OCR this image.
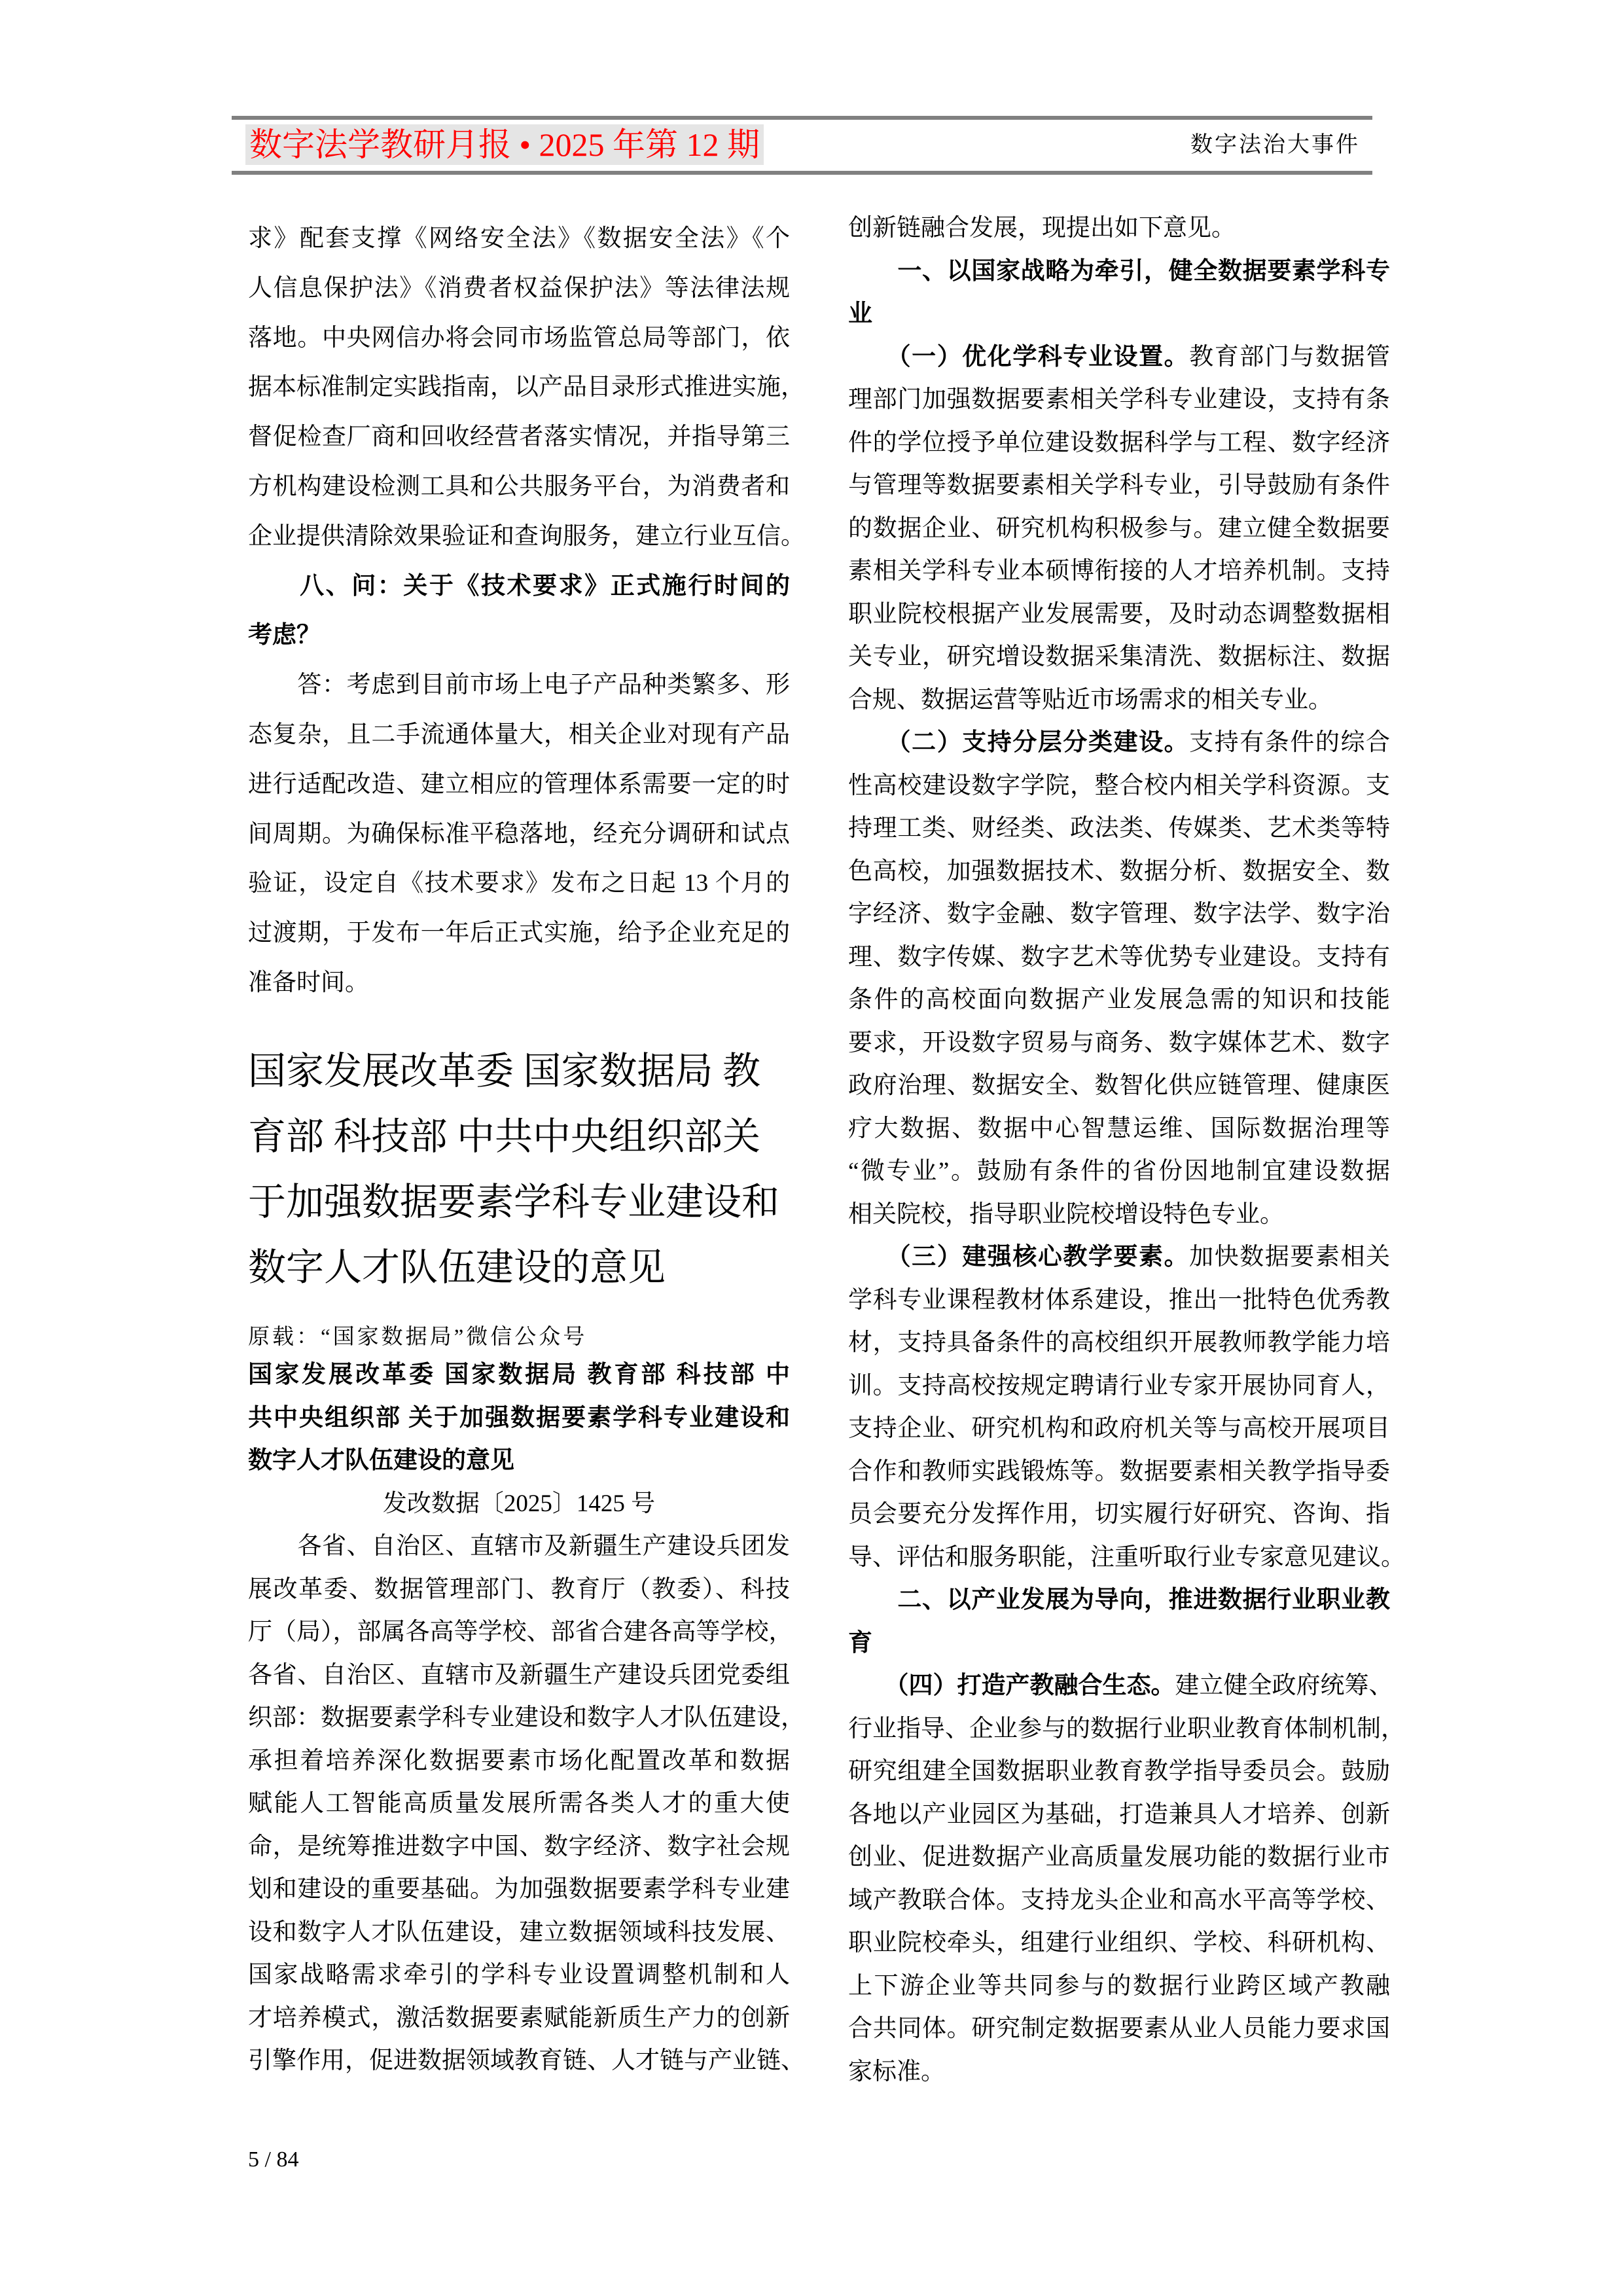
数字法学教研月报 • 2025 年第 12 期	数字法治大事件
求》配套支撑《网络安全法》《数据安全法》《个
人信息保护法》《消费者权益保护法》等法律法规
落地。中央网信办将会同市场监管总局等部门，依
据本标准制定实践指南，以产品目录形式推进实施，
督促检查厂商和回收经营者落实情况，并指导第三
方机构建设检测工具和公共服务平台，为消费者和
企业提供清除效果验证和查询服务，建立行业互信。
　　八、问：关于《技术要求》正式施行时间的
考虑？
　　答：考虑到目前市场上电子产品种类繁多、形
态复杂，且二手流通体量大，相关企业对现有产品
进行适配改造、建立相应的管理体系需要一定的时
间周期。为确保标准平稳落地，经充分调研和试点
验证，设定自《技术要求》发布之日起 13 个月的
过渡期，于发布一年后正式实施，给予企业充足的
准备时间。
国家发展改革委 国家数据局 教
育部 科技部 中共中央组织部关
于加强数据要素学科专业建设和
数字人才队伍建设的意见
原载：“国家数据局”微信公众号
国家发展改革委 国家数据局 教育部 科技部 中
共中央组织部 关于加强数据要素学科专业建设和
数字人才队伍建设的意见
发改数据〔2025〕1425 号
　　各省、自治区、直辖市及新疆生产建设兵团发
展改革委、数据管理部门、教育厅（教委）、科技
厅（局），部属各高等学校、部省合建各高等学校，
各省、自治区、直辖市及新疆生产建设兵团党委组
织部：数据要素学科专业建设和数字人才队伍建设，
承担着培养深化数据要素市场化配置改革和数据
赋能人工智能高质量发展所需各类人才的重大使
命，是统筹推进数字中国、数字经济、数字社会规
划和建设的重要基础。为加强数据要素学科专业建
设和数字人才队伍建设，建立数据领域科技发展、
国家战略需求牵引的学科专业设置调整机制和人
才培养模式，激活数据要素赋能新质生产力的创新
引擎作用，促进数据领域教育链、人才链与产业链、
创新链融合发展，现提出如下意见。
　　一、以国家战略为牵引，健全数据要素学科专
业
　　（一）优化学科专业设置。教育部门与数据管
理部门加强数据要素相关学科专业建设，支持有条
件的学位授予单位建设数据科学与工程、数字经济
与管理等数据要素相关学科专业，引导鼓励有条件
的数据企业、研究机构积极参与。建立健全数据要
素相关学科专业本硕博衔接的人才培养机制。支持
职业院校根据产业发展需要，及时动态调整数据相
关专业，研究增设数据采集清洗、数据标注、数据
合规、数据运营等贴近市场需求的相关专业。
　　（二）支持分层分类建设。支持有条件的综合
性高校建设数字学院，整合校内相关学科资源。支
持理工类、财经类、政法类、传媒类、艺术类等特
色高校，加强数据技术、数据分析、数据安全、数
字经济、数字金融、数字管理、数字法学、数字治
理、数字传媒、数字艺术等优势专业建设。支持有
条件的高校面向数据产业发展急需的知识和技能
要求，开设数字贸易与商务、数字媒体艺术、数字
政府治理、数据安全、数智化供应链管理、健康医
疗大数据、数据中心智慧运维、国际数据治理等
“微专业”。鼓励有条件的省份因地制宜建设数据
相关院校，指导职业院校增设特色专业。
　　（三）建强核心教学要素。加快数据要素相关
学科专业课程教材体系建设，推出一批特色优秀教
材，支持具备条件的高校组织开展教师教学能力培
训。支持高校按规定聘请行业专家开展协同育人，
支持企业、研究机构和政府机关等与高校开展项目
合作和教师实践锻炼等。数据要素相关教学指导委
员会要充分发挥作用，切实履行好研究、咨询、指
导、评估和服务职能，注重听取行业专家意见建议。
　　二、以产业发展为导向，推进数据行业职业教
育
　　（四）打造产教融合生态。建立健全政府统筹、
行业指导、企业参与的数据行业职业教育体制机制，
研究组建全国数据职业教育教学指导委员会。鼓励
各地以产业园区为基础，打造兼具人才培养、创新
创业、促进数据产业高质量发展功能的数据行业市
域产教联合体。支持龙头企业和高水平高等学校、
职业院校牵头，组建行业组织、学校、科研机构、
上下游企业等共同参与的数据行业跨区域产教融
合共同体。研究制定数据要素从业人员能力要求国
家标准。
5 / 84
